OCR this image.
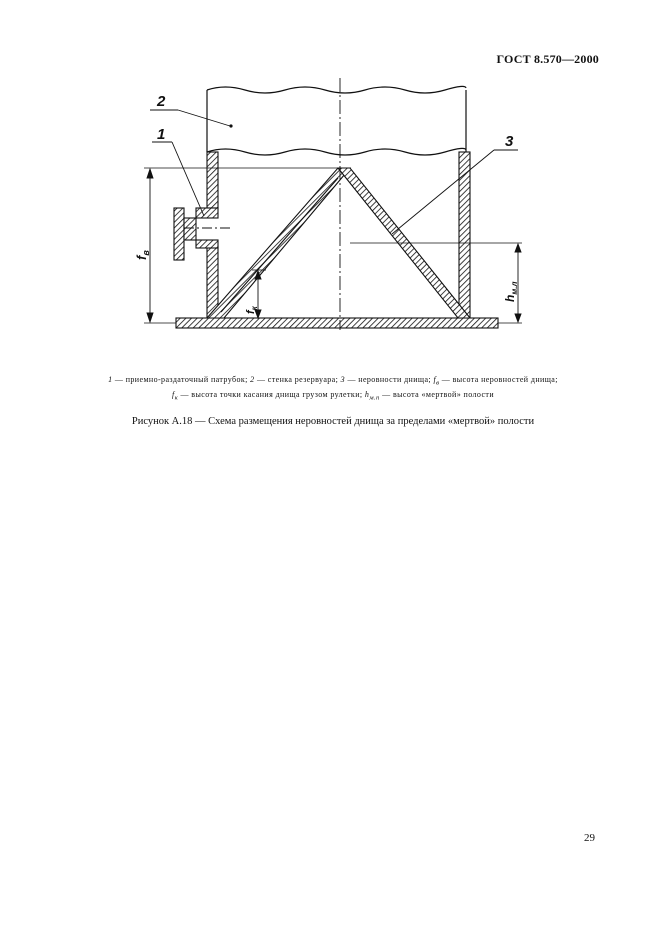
ГОСТ 8.570—2000
2
1	3
$f_в$
$f_к$
$h_{м.л}$
1 — приемно-раздаточный патрубок; 2 — стенка резервуара; 3 — неровности днища; $f_в$ — высота неровностей днища;
$f_к$ — высота точки касания днища грузом рулетки; $h_{м.п}$ — высота «мертвой» полости
Рисунок А.18 — Схема размещения неровностей днища за пределами «мертвой» полости
29
